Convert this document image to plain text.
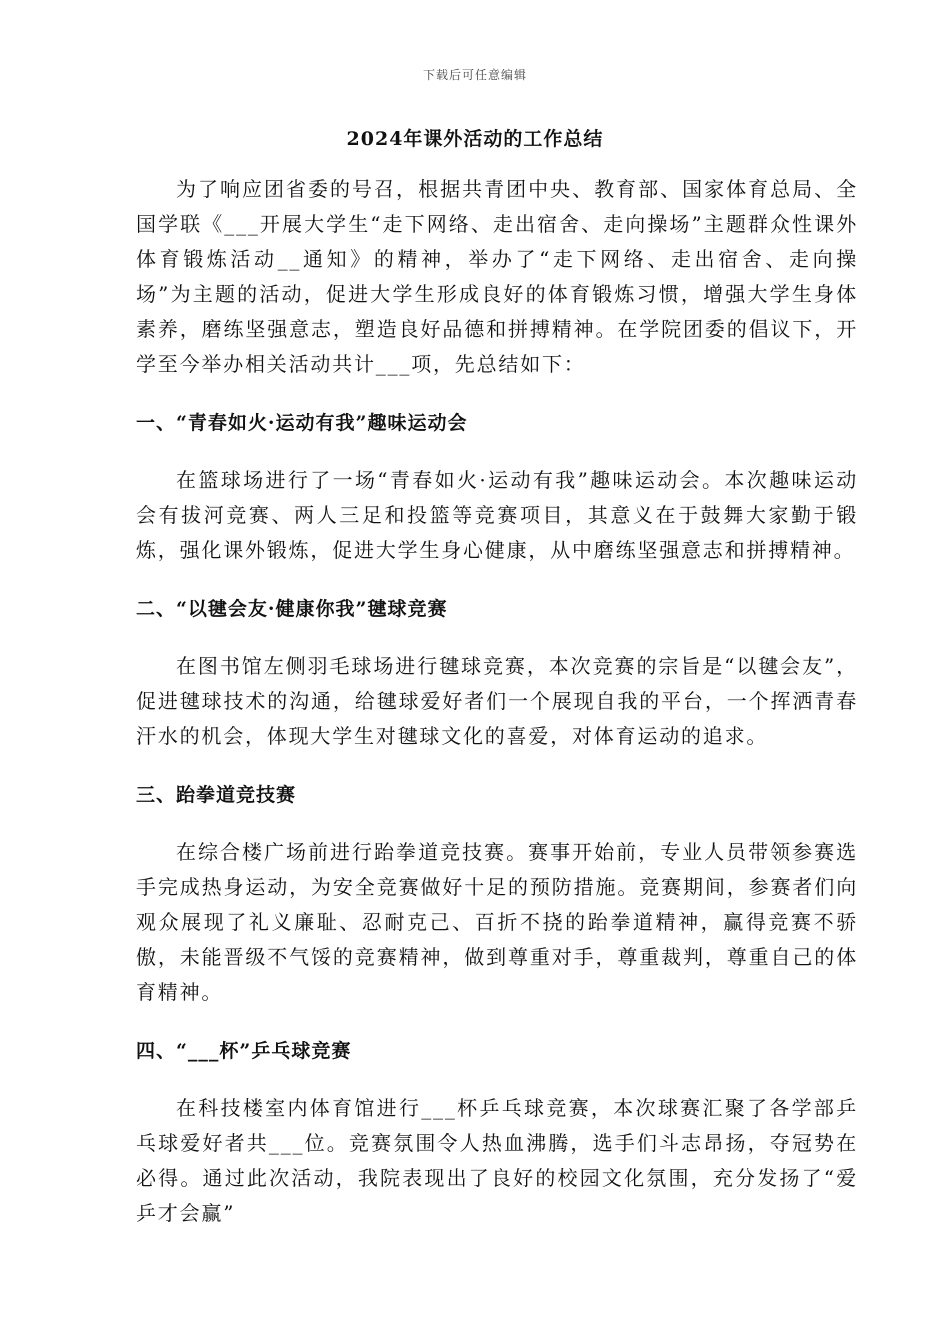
下载后可任意编辑
2024年课外活动的工作总结

为了响应团省委的号召，根据共青团中央、教育部、国家体育总局、全国学联《___开展大学生“走下网络、走出宿舍、走向操场”主题群众性课外体育锻炼活动__通知》的精神，举办了“走下网络、走出宿舍、走向操场”为主题的活动，促进大学生形成良好的体育锻炼习惯，增强大学生身体素养，磨练坚强意志，塑造良好品德和拼搏精神。在学院团委的倡议下，开学至今举办相关活动共计___项，先总结如下：

一、“青春如火·运动有我”趣味运动会

在篮球场进行了一场“青春如火·运动有我”趣味运动会。本次趣味运动会有拔河竞赛、两人三足和投篮等竞赛项目，其意义在于鼓舞大家勤于锻炼，强化课外锻炼，促进大学生身心健康，从中磨练坚强意志和拼搏精神。

二、“以毽会友·健康你我”毽球竞赛

在图书馆左侧羽毛球场进行毽球竞赛，本次竞赛的宗旨是“以毽会友”，促进毽球技术的沟通，给毽球爱好者们一个展现自我的平台，一个挥洒青春汗水的机会，体现大学生对毽球文化的喜爱，对体育运动的追求。

三、跆拳道竞技赛

在综合楼广场前进行跆拳道竞技赛。赛事开始前，专业人员带领参赛选手完成热身运动，为安全竞赛做好十足的预防措施。竞赛期间，参赛者们向观众展现了礼义廉耻、忍耐克己、百折不挠的跆拳道精神，赢得竞赛不骄傲，未能晋级不气馁的竞赛精神，做到尊重对手，尊重裁判，尊重自己的体育精神。

四、“___杯”乒乓球竞赛

在科技楼室内体育馆进行___杯乒乓球竞赛，本次球赛汇聚了各学部乒乓球爱好者共___位。竞赛氛围令人热血沸腾，选手们斗志昂扬，夺冠势在必得。通过此次活动，我院表现出了良好的校园文化氛围，充分发扬了“爱乒才会赢”
